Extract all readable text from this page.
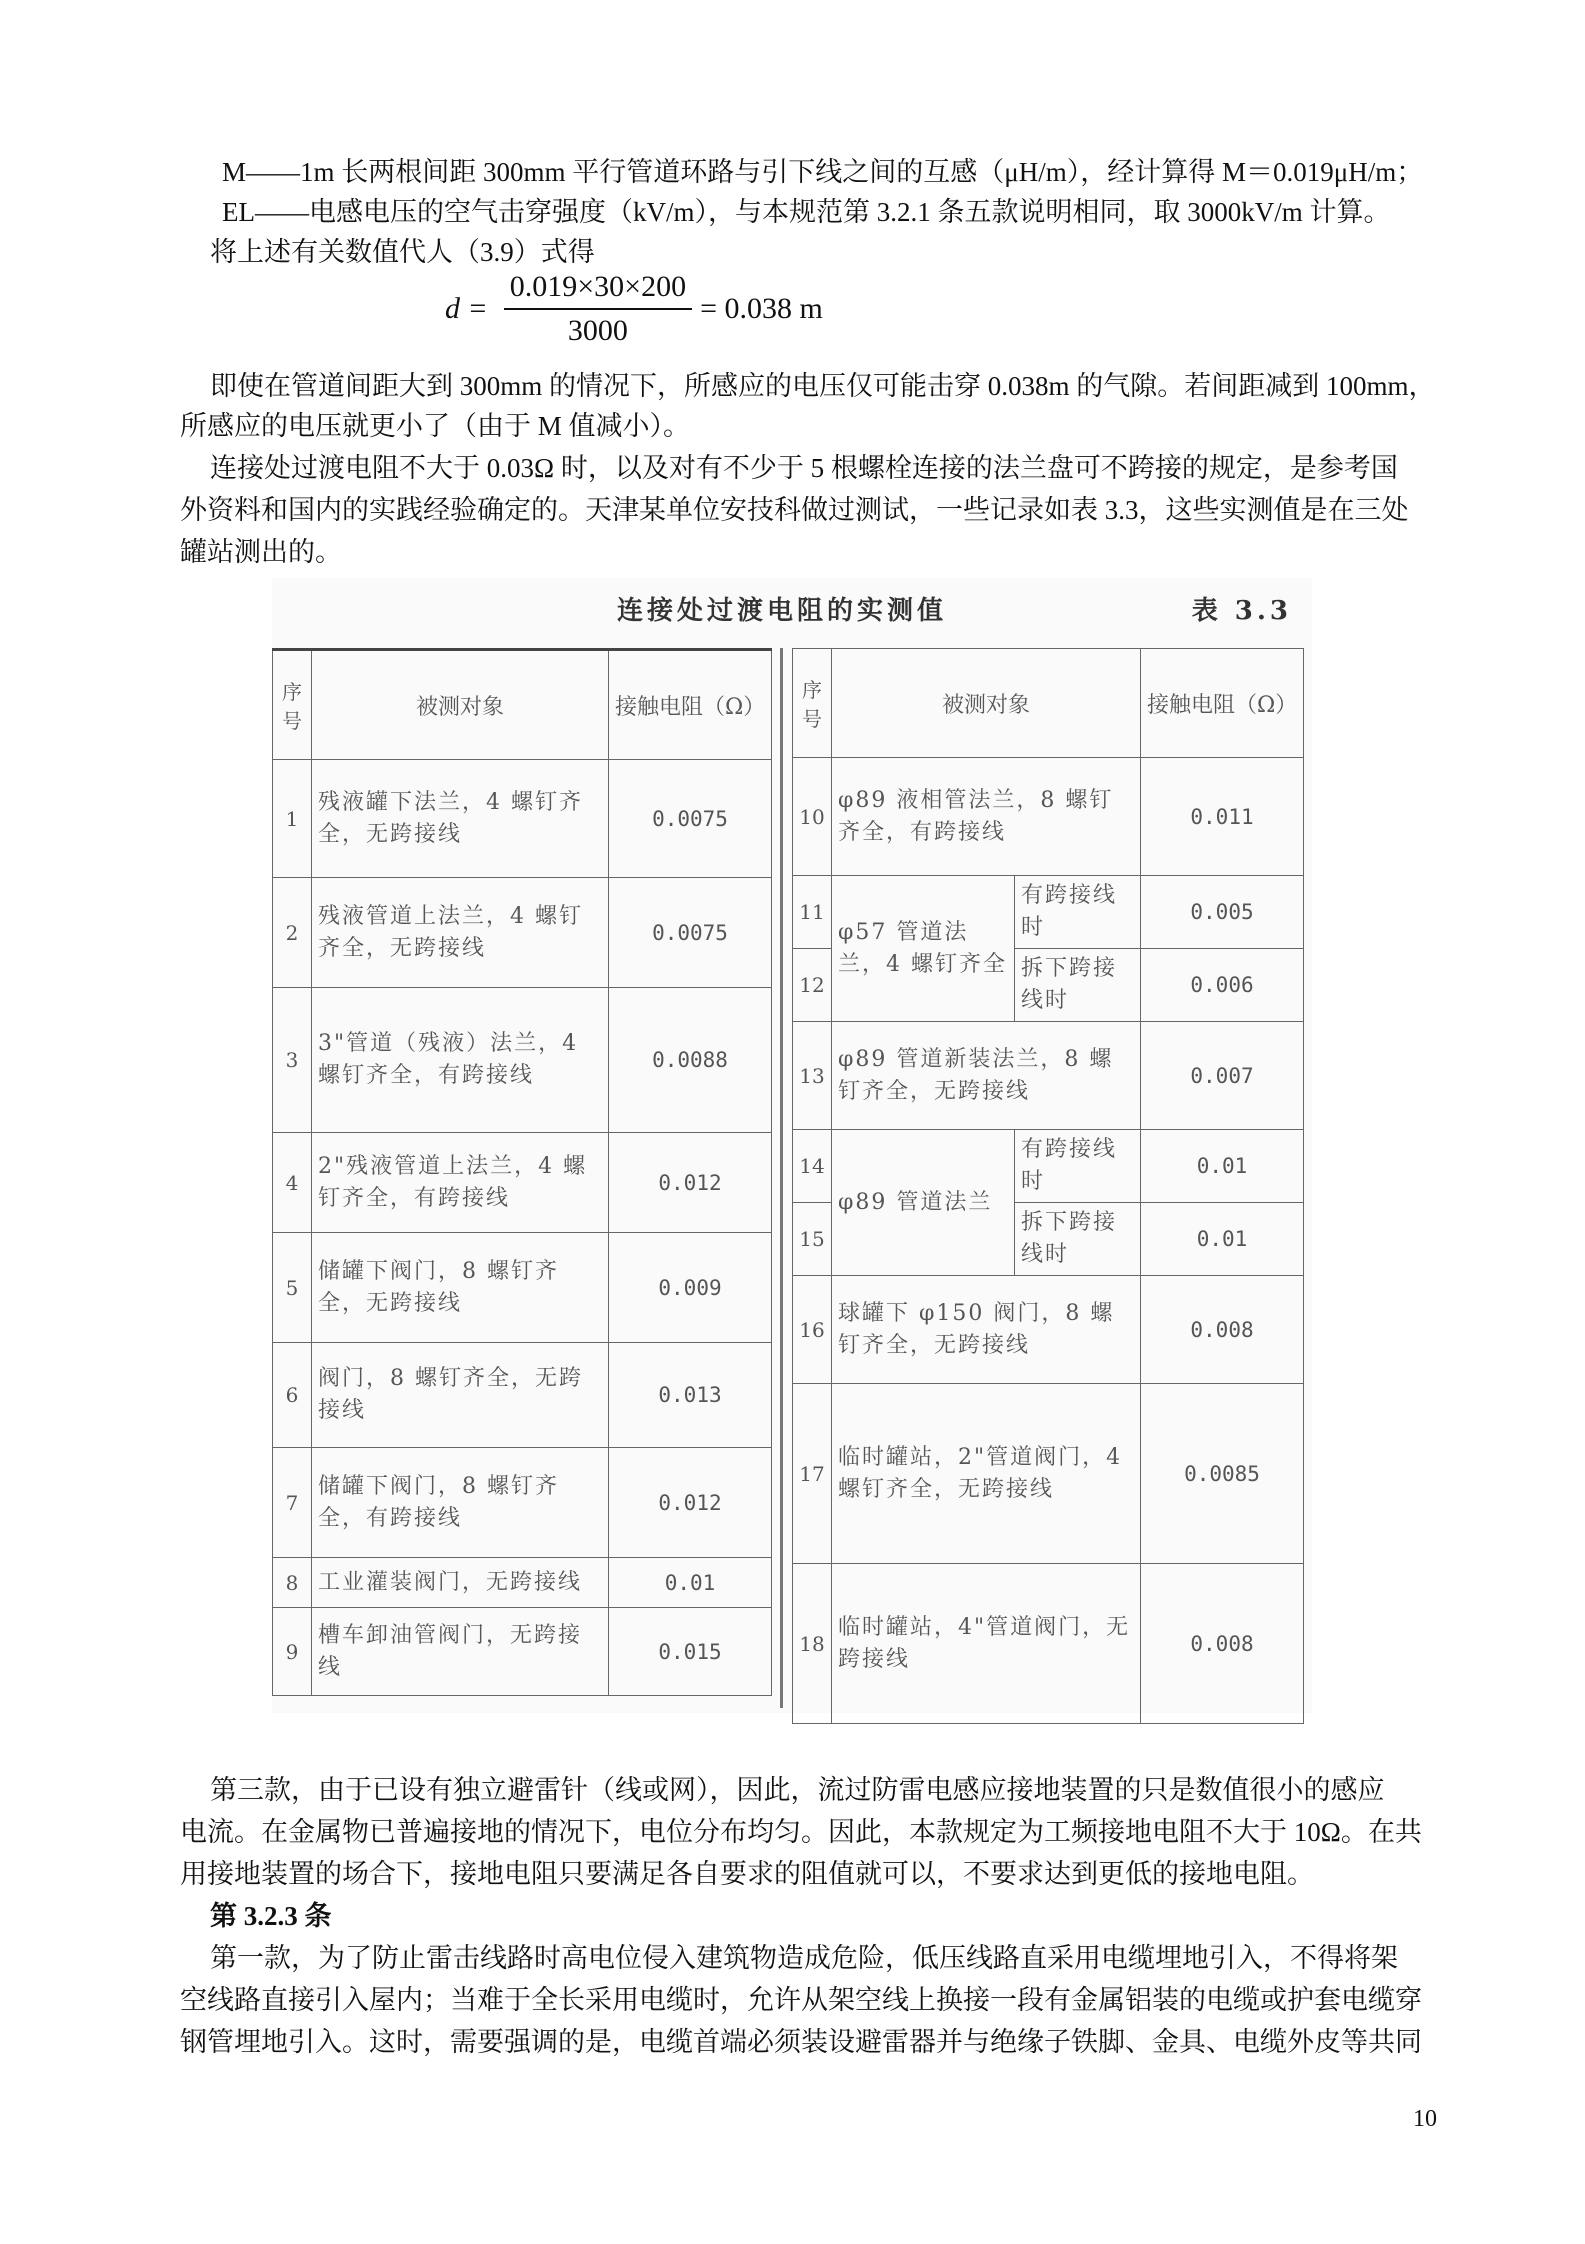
M——1m 长两根间距 300mm 平行管道环路与引下线之间的互感（μH/m），经计算得 M＝0.019μH/m；
EL——电感电压的空气击穿强度（kV/m），与本规范第 3.2.1 条五款说明相同，取 3000kV/m 计算。
将上述有关数值代人（3.9）式得
$d = \frac{0.019\times 30\times 200}{3000} = 0.038$ m
即使在管道间距大到 300mm 的情况下，所感应的电压仅可能击穿 0.038m 的气隙。若间距减到 100mm，
所感应的电压就更小了（由于 M 值减小）。
连接处过渡电阻不大于 0.03Ω 时，以及对有不少于 5 根螺栓连接的法兰盘可不跨接的规定，是参考国
外资料和国内的实践经验确定的。天津某单位安技科做过测试，一些记录如表 3.3，这些实测值是在三处
罐站测出的。
连接处过渡电阻的实测值	表 3.3
序号	被测对象	接触电阻（Ω）
1	残液罐下法兰，4 螺钉齐全，无跨接线	0.0075
2	残液管道上法兰，4 螺钉齐全，无跨接线	0.0075
3	3"管道（残液）法兰，4 螺钉齐全，有跨接线	0.0088
4	2"残液管道上法兰，4 螺钉齐全，有跨接线	0.012
5	储罐下阀门，8 螺钉齐全，无跨接线	0.009
6	阀门，8 螺钉齐全，无跨接线	0.013
7	储罐下阀门，8 螺钉齐全，有跨接线	0.012
8	工业灌装阀门，无跨接线	0.01
9	槽车卸油管阀门，无跨接线	0.015
序号	被测对象		接触电阻（Ω）
10	φ89 液相管法兰，8 螺钉齐全，有跨接线		0.011
11	φ57 管道法兰，4 螺钉齐全	有跨接线时	0.005
12		拆下跨接线时	0.006
13	φ89 管道新装法兰，8 螺钉齐全，无跨接线		0.007
14	φ89 管道法兰	有跨接线时	0.01
15		拆下跨接线时	0.01
16	球罐下 φ150 阀门，8 螺钉齐全，无跨接线		0.008
17	临时罐站，2"管道阀门，4 螺钉齐全，无跨接线		0.0085
18	临时罐站，4"管道阀门，无跨接线		0.008
第三款，由于已设有独立避雷针（线或网），因此，流过防雷电感应接地装置的只是数值很小的感应
电流。在金属物已普遍接地的情况下，电位分布均匀。因此，本款规定为工频接地电阻不大于 10Ω。在共
用接地装置的场合下，接地电阻只要满足各自要求的阻值就可以，不要求达到更低的接地电阻。
第 3.2.3 条
第一款，为了防止雷击线路时高电位侵入建筑物造成危险，低压线路直采用电缆埋地引入，不得将架
空线路直接引入屋内；当难于全长采用电缆时，允许从架空线上换接一段有金属铝装的电缆或护套电缆穿
钢管埋地引入。这时，需要强调的是，电缆首端必须装设避雷器并与绝缘子铁脚、金具、电缆外皮等共同
10
